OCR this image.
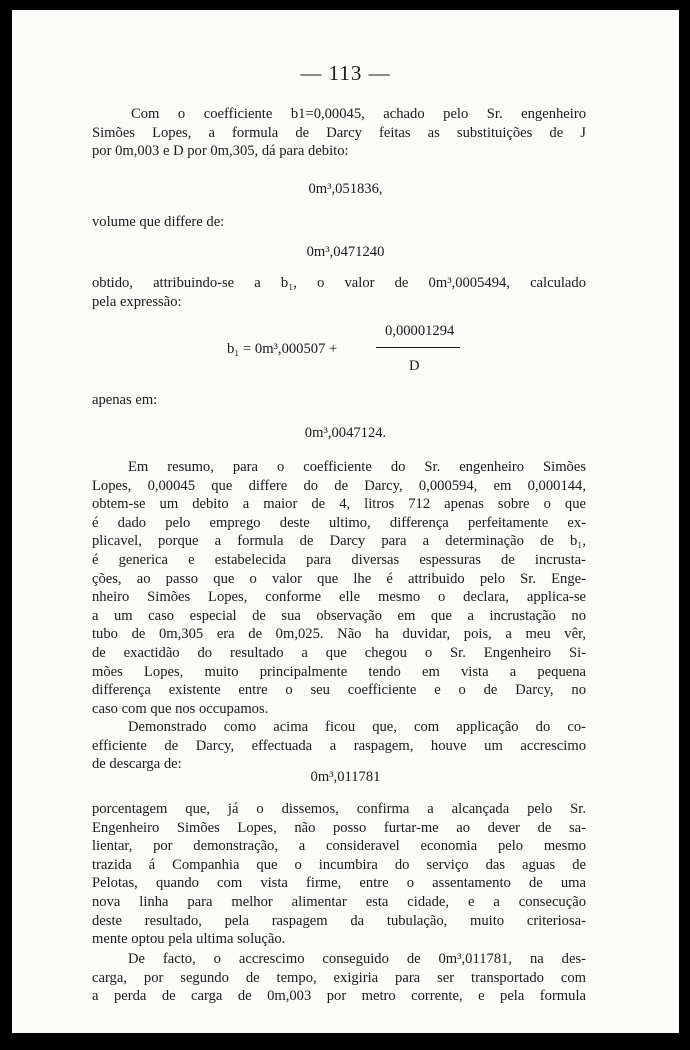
— 113 —
Com o coefficiente b1=0,00045, achado pelo Sr. engenheiro
Simões Lopes, a formula de Darcy feitas as substituições de J
por 0m,003 e D por 0m,305, dá para debito:
0m³,051836,
volume que differe de:
0m³,0471240
obtido, attribuindo-se a b₁, o valor de 0m³,0005494, calculado
pela expressão:
b₁ = 0m³,000507 +
0,00001294
D
apenas em:
0m³,0047124.
Em resumo, para o coefficiente do Sr. engenheiro Simões
Lopes, 0,00045 que differe do de Darcy, 0,000594, em 0,000144,
obtem-se um debito a maior de 4, litros 712 apenas sobre o que
é dado pelo emprego deste ultimo, differença perfeitamente ex-
plicavel, porque a formula de Darcy para a determinação de b₁,
é generica e estabelecida para diversas espessuras de incrusta-
ções, ao passo que o valor que lhe é attribuido pelo Sr. Enge-
nheiro Simões Lopes, conforme elle mesmo o declara, applica-se
a um caso especial de sua observação em que a incrustação no
tubo de 0m,305 era de 0m,025. Não ha duvidar, pois, a meu vêr,
de exactidão do resultado a que chegou o Sr. Engenheiro Si-
mões Lopes, muito principalmente tendo em vista a pequena
differença existente entre o seu coefficiente e o de Darcy, no
caso com que nos occupamos.
Demonstrado como acima ficou que, com applicação do co-
efficiente de Darcy, effectuada a raspagem, houve um accrescimo
de descarga de:
0m³,011781
porcentagem que, já o dissemos, confirma a alcançada pelo Sr.
Engenheiro Simões Lopes, não posso furtar-me ao dever de sa-
lientar, por demonstração, a consideravel economia pelo mesmo
trazida á Companhia que o incumbira do serviço das aguas de
Pelotas, quando com vista firme, entre o assentamento de uma
nova linha para melhor alimentar esta cidade, e a consecução
deste resultado, pela raspagem da tubulação, muito criteriosa-
mente optou pela ultima solução.
De facto, o accrescimo conseguido de 0m³,011781, na des-
carga, por segundo de tempo, exigiria para ser transportado com
a perda de carga de 0m,003 por metro corrente, e pela formula
